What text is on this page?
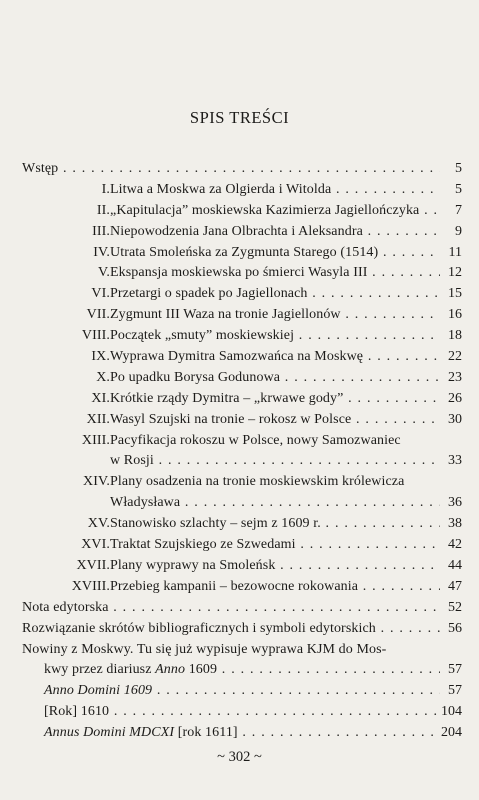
SPIS TREŚCI
Wstęp . . .	5
I.Litwa a Moskwa za Olgierda i Witolda . . .	5
II.„Kapitulacja” moskiewska Kazimierza Jagiellończyka . . .	7
III.Niepowodzenia Jana Olbrachta i Aleksandra . . .	9
IV.Utrata Smoleńska za Zygmunta Starego (1514) . . .	11
V.Ekspansja moskiewska po śmierci Wasyla III . . .	12
VI.Przetargi o spadek po Jagiellonach . . .	15
VII.Zygmunt III Waza na tronie Jagiellonów . . .	16
VIII.Początek „smuty” moskiewskiej . . .	18
IX.Wyprawa Dymitra Samozwańca na Moskwę . . .	22
X.Po upadku Borysa Godunowa . . .	23
XI.Krótkie rządy Dymitra – „krwawe gody” . . .	26
XII.Wasyl Szujski na tronie – rokosz w Polsce . . .	30
XIII.Pacyfikacja rokoszu w Polsce, nowy Samozwaniec
w Rosji . . .	33
XIV.Plany osadzenia na tronie moskiewskim królewicza
Władysława . . .	36
XV.Stanowisko szlachty – sejm z 1609 r. . . .	38
XVI.Traktat Szujskiego ze Szwedami . . .	42
XVII.Plany wyprawy na Smoleńsk . . .	44
XVIII.Przebieg kampanii – bezowocne rokowania . . .	47
Nota edytorska . . .	52
Rozwiązanie skrótów bibliograficznych i symboli edytorskich . . .	56
Nowiny z Moskwy. Tu się już wypisuje wyprawa KJM do Mos-
kwy przez diariusz Anno 1609 . . .	57
Anno Domini 1609 . . .	57
[Rok] 1610 . . .	104
Annus Domini MDCXI [rok 1611] . . .	204
~ 302 ~
